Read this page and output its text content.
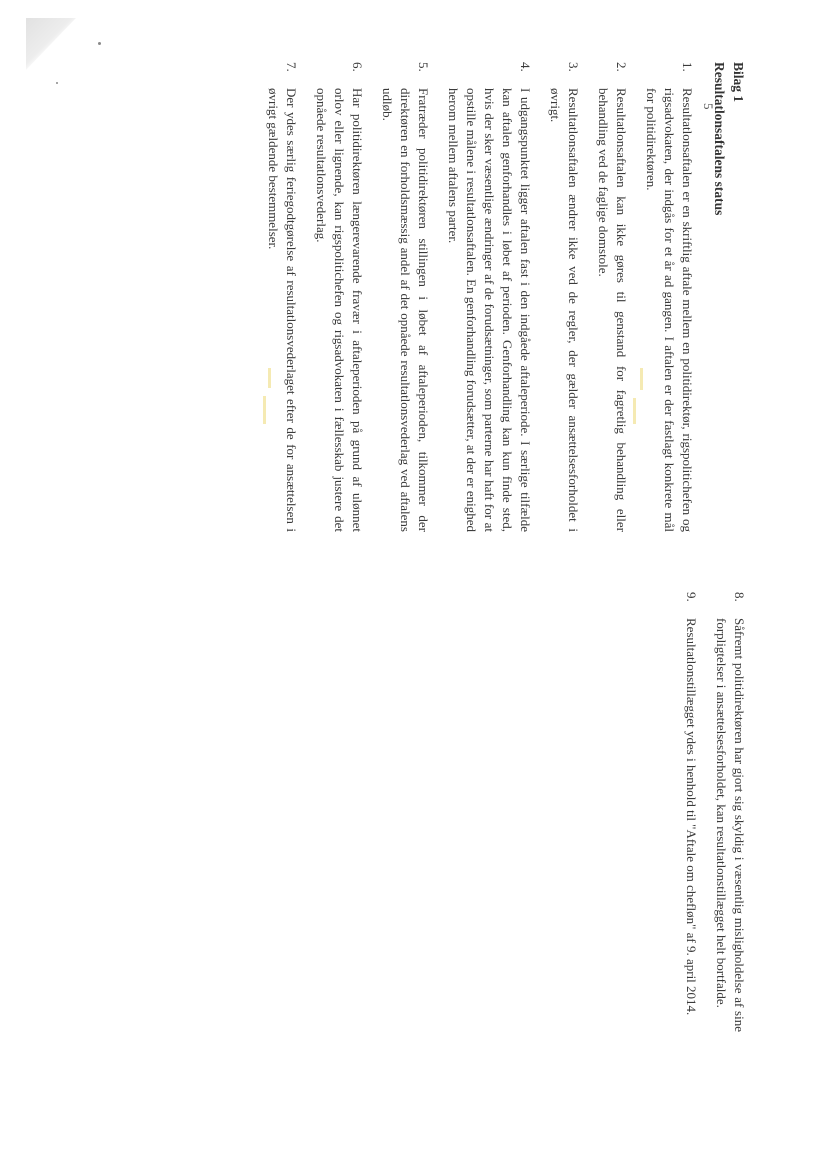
5
Bilag 1
Resultatlonsaftalens status
1.
Resultatlonsaftalen er en skriftlig aftale mellem en politidirektør, rigspolitichefen og rigsadvokaten, der indgås for et år ad gangen. I aftalen er der fastlagt konkrete mål for politidirektøren.
2.
Resultatlonsaftalen kan ikke gøres til genstand for fagretlig behandling eller behandling ved de faglige domstole.
3.
Resultatlonsaftalen ændrer ikke ved de regler, der gælder ansættelsesforholdet i øvrigt.
4.
I udgangspunktet ligger aftalen fast i den indgåede aftaleperiode. I særlige tilfælde kan aftalen genforhandles i løbet af perioden. Genforhandling kan kun finde sted, hvis der sker væsentlige ændringer af de forudsætninger, som parterne har haft for at opstille målene i resultatlonsaftalen. En genforhandling forudsætter, at der er enighed herom mellem aftalens parter.
5.
Fratræder politidirektøren stillingen i løbet af aftaleperioden, tilkommer der direktøren en forholdsmæssig andel af det opnåede resultatlonsvederlag ved aftalens udløb.
6.
Har politidirektøren længerevarende fravær i aftaleperioden på grund af ulønnet orlov eller lignende, kan rigspolitichefen og rigsadvokaten i fællesskab justere det opnåede resultatlonsvederlag.
7.
Der ydes særlig feriegodtgørelse af resultatlonsvederlaget efter de for ansættelsen i øvrigt gældende bestemmelser.
8.
Såfremt politidirektøren har gjort sig skyldig i væsentlig misligholdelse af sine forpligtelser i ansættelsesforholdet, kan resultatlonstillægget helt bortfalde.
9.
Resultatlonstillægget ydes i henhold til "Aftale om chefløn" af 9. april 2014.
